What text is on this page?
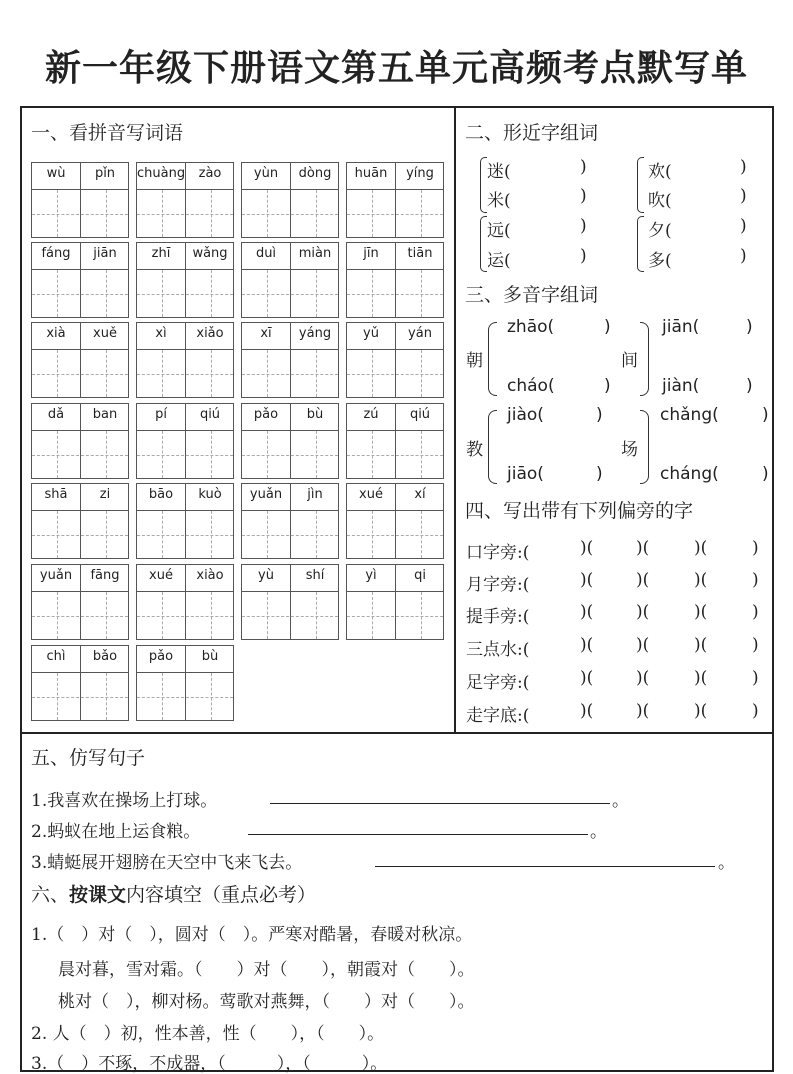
新一年级下册语文第五单元高频考点默写单
一、看拼音写词语
wù	pǐn	chuàng	zào	yùn	dòng	huān	yíng
fáng	jiān	zhī	wǎng	duì	miàn	jīn	tiān
xià	xuě	xì	xiǎo	xī	yáng	yǔ	yán
dǎ	ban	pí	qiú	pǎo	bù	zú	qiú
shā	zi	bāo	kuò	yuǎn	jìn	xué	xí
yuǎn	fāng	xué	xiào	yù	shí	yì	qi
chì	bǎo	pǎo	bù
二、形近字组词
迷(	)	欢(	)
米(	)	吹(	)
远(	)	夕(	)
运(	)	多(	)
三、多音字组词
朝
zhāo(	)
cháo(	)
间
jiān(	)
jiàn(	)
教
jiào(	)
jiāo(	)
场
chǎng(	)
cháng(	)
四、写出带有下列偏旁的字
口字旁:(	)(	)(	)(	)
月字旁:(	)(	)(	)(	)
提手旁:(	)(	)(	)(	)
三点水:(	)(	)(	)(	)
足字旁:(	)(	)(	)(	)
走字底:(	)(	)(	)(	)
五、仿写句子
1.我喜欢在操场上打球。	。
2.蚂蚁在地上运食粮。	。
3.蜻蜓展开翅膀在天空中飞来飞去。	。
六、按课文内容填空（重点必考）
1.（　）对（　），圆对（　）。严寒对酷暑，春暖对秋凉。
晨对暮，雪对霜。（　　）对（　　），朝霞对（　　）。
桃对（　），柳对杨。莺歌对燕舞，（　　）对（　　）。
2. 人（　）初，性本善，性（　　），（　　）。
3.（　）不琢，不成器，（　　　），（　　　）。
